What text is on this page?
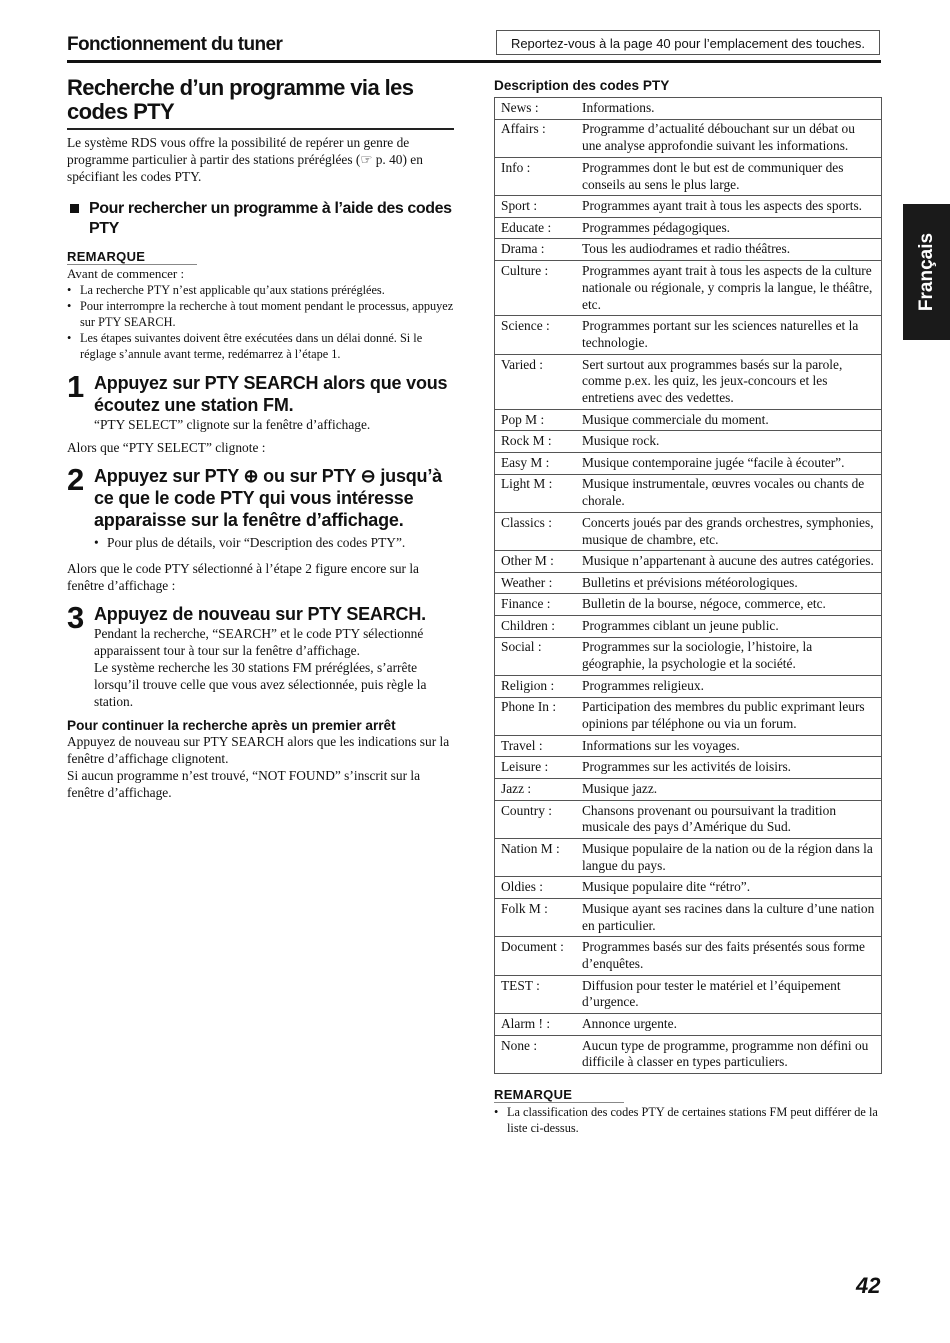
Fonctionnement du tuner	Reportez-vous à la page 40 pour l’emplacement des touches.
Français
Recherche d’un programme via les codes PTY
Le système RDS vous offre la possibilité de repérer un genre de programme particulier à partir des stations préréglées (☞ p. 40) en spécifiant les codes PTY.
Pour rechercher un programme à l’aide des codes PTY
REMARQUE
Avant de commencer :
• La recherche PTY n’est applicable qu’aux stations préréglées.
• Pour interrompre la recherche à tout moment pendant le processus, appuyez sur PTY SEARCH.
• Les étapes suivantes doivent être exécutées dans un délai donné. Si le réglage s’annule avant terme, redémarrez à l’étape 1.
1 Appuyez sur PTY SEARCH alors que vous écoutez une station FM.
“PTY SELECT” clignote sur la fenêtre d’affichage.
Alors que “PTY SELECT” clignote :
2 Appuyez sur PTY ⊕ ou sur PTY ⊖ jusqu’à ce que le code PTY qui vous intéresse apparaisse sur la fenêtre d’affichage.
• Pour plus de détails, voir “Description des codes PTY”.
Alors que le code PTY sélectionné à l’étape 2 figure encore sur la fenêtre d’affichage :
3 Appuyez de nouveau sur PTY SEARCH.
Pendant la recherche, “SEARCH” et le code PTY sélectionné apparaissent tour à tour sur la fenêtre d’affichage.
Le système recherche les 30 stations FM préréglées, s’arrête lorsqu’il trouve celle que vous avez sélectionnée, puis règle la station.
Pour continuer la recherche après un premier arrêt
Appuyez de nouveau sur PTY SEARCH alors que les indications sur la fenêtre d’affichage clignotent.
Si aucun programme n’est trouvé, “NOT FOUND” s’inscrit sur la fenêtre d’affichage.
Description des codes PTY
News :	Informations.
Affairs :	Programme d’actualité débouchant sur un débat ou une analyse approfondie suivant les informations.
Info :	Programmes dont le but est de communiquer des conseils au sens le plus large.
Sport :	Programmes ayant trait à tous les aspects des sports.
Educate :	Programmes pédagogiques.
Drama :	Tous les audiodrames et radio théâtres.
Culture :	Programmes ayant trait à tous les aspects de la culture nationale ou régionale, y compris la langue, le théâtre, etc.
Science :	Programmes portant sur les sciences naturelles et la technologie.
Varied :	Sert surtout aux programmes basés sur la parole, comme p.ex. les quiz, les jeux-concours et les entretiens avec des vedettes.
Pop M :	Musique commerciale du moment.
Rock M :	Musique rock.
Easy M :	Musique contemporaine jugée “facile à écouter”.
Light M :	Musique instrumentale, œuvres vocales ou chants de chorale.
Classics :	Concerts joués par des grands orchestres, symphonies, musique de chambre, etc.
Other M :	Musique n’appartenant à aucune des autres catégories.
Weather :	Bulletins et prévisions météorologiques.
Finance :	Bulletin de la bourse, négoce, commerce, etc.
Children :	Programmes ciblant un jeune public.
Social :	Programmes sur la sociologie, l’histoire, la géographie, la psychologie et la société.
Religion :	Programmes religieux.
Phone In :	Participation des membres du public exprimant leurs opinions par téléphone ou via un forum.
Travel :	Informations sur les voyages.
Leisure :	Programmes sur les activités de loisirs.
Jazz :	Musique jazz.
Country :	Chansons provenant ou poursuivant la tradition musicale des pays d’Amérique du Sud.
Nation M :	Musique populaire de la nation ou de la région dans la langue du pays.
Oldies :	Musique populaire dite “rétro”.
Folk M :	Musique ayant ses racines dans la culture d’une nation en particulier.
Document :	Programmes basés sur des faits présentés sous forme d’enquêtes.
TEST :	Diffusion pour tester le matériel et l’équipement d’urgence.
Alarm ! :	Annonce urgente.
None :	Aucun type de programme, programme non défini ou difficile à classer en types particuliers.
REMARQUE
• La classification des codes PTY de certaines stations FM peut différer de la liste ci-dessus.
42
